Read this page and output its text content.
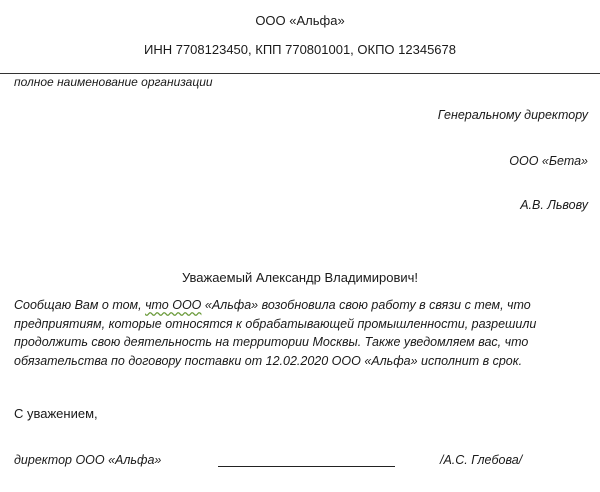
ООО «Альфа»
ИНН 7708123450, КПП 770801001, ОКПО 12345678
полное наименование организации
Генеральному директору
ООО «Бета»
А.В. Львову
Уважаемый Александр Владимирович!
Сообщаю Вам о том, что ООО «Альфа» возобновила свою работу в связи с тем, что
предприятиям, которые относятся к обрабатывающей промышленности, разрешили
продолжить свою деятельность на территории Москвы. Также уведомляем вас, что
обязательства по договору поставки от 12.02.2020 ООО «Альфа» исполнит в срок.
С уважением,
директор ООО «Альфа»	/А.С. Глебова/
